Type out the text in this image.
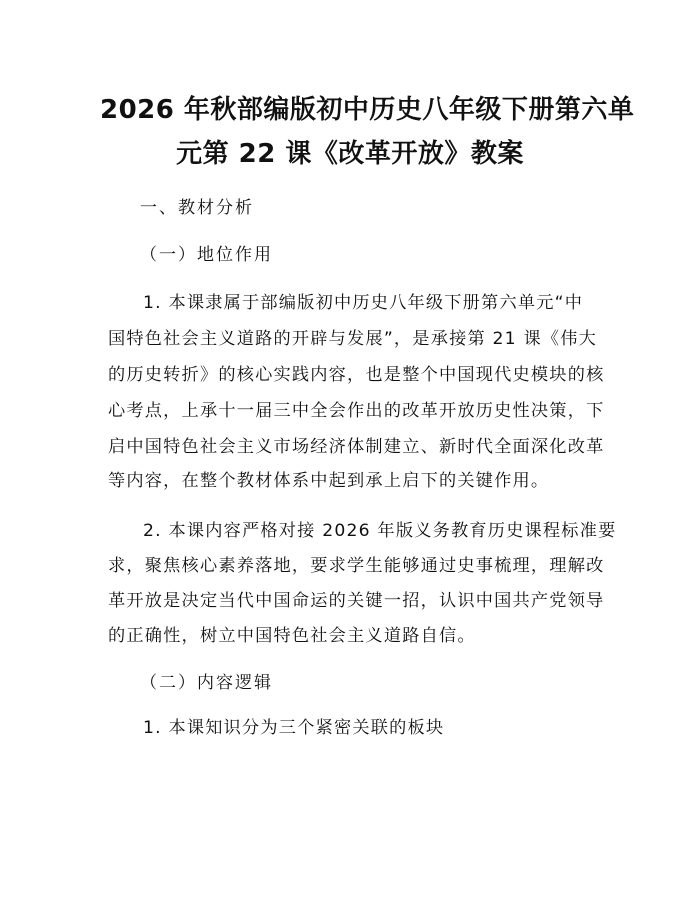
2026 年秋部编版初中历史八年级下册第六单
元第 22 课《改革开放》教案
一、教材分析
（一）地位作用
1. 本课隶属于部编版初中历史八年级下册第六单元“中
国特色社会主义道路的开辟与发展”，是承接第 21 课《伟大
的历史转折》的核心实践内容，也是整个中国现代史模块的核
心考点，上承十一届三中全会作出的改革开放历史性决策，下
启中国特色社会主义市场经济体制建立、新时代全面深化改革
等内容，在整个教材体系中起到承上启下的关键作用。
2. 本课内容严格对接 2026 年版义务教育历史课程标准要
求，聚焦核心素养落地，要求学生能够通过史事梳理，理解改
革开放是决定当代中国命运的关键一招，认识中国共产党领导
的正确性，树立中国特色社会主义道路自信。
（二）内容逻辑
1. 本课知识分为三个紧密关联的板块
